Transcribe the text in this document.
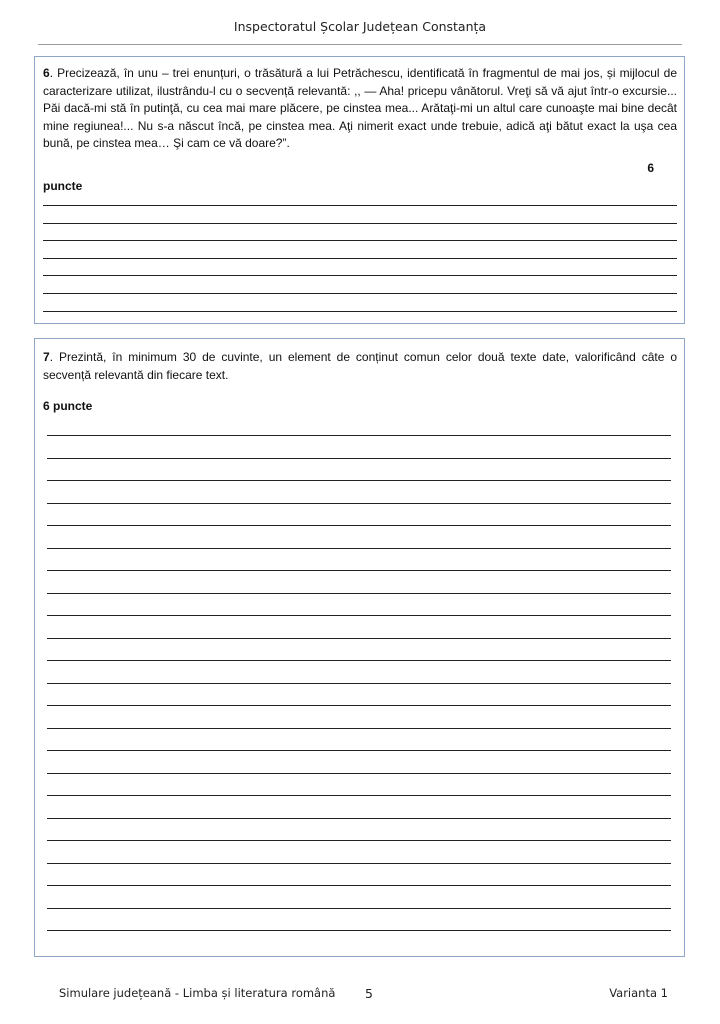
Inspectoratul Școlar Județean Constanța
6. Precizează, în unu – trei enunțuri, o trăsătură a lui Petrăchescu, identificată în fragmentul de mai jos, și mijlocul de caracterizare utilizat, ilustrându-l cu o secvență relevantă: ,, — Aha! pricepu vânătorul. Vreţi să vă ajut într-o excursie... Păi dacă-mi stă în putinţă, cu cea mai mare plăcere, pe cinstea mea... Arătaţi-mi un altul care cunoaşte mai bine decât mine regiunea!... Nu s-a născut încă, pe cinstea mea. Aţi nimerit exact unde trebuie, adică aţi bătut exact la uşa cea bună, pe cinstea mea… Şi cam ce vă doare?”.
6
puncte
7. Prezintă, în minimum 30 de cuvinte, un element de conținut comun celor două texte date, valorificând câte o secvență relevantă din fiecare text.
6 puncte
Simulare județeană - Limba și literatura română 5	Varianta 1
